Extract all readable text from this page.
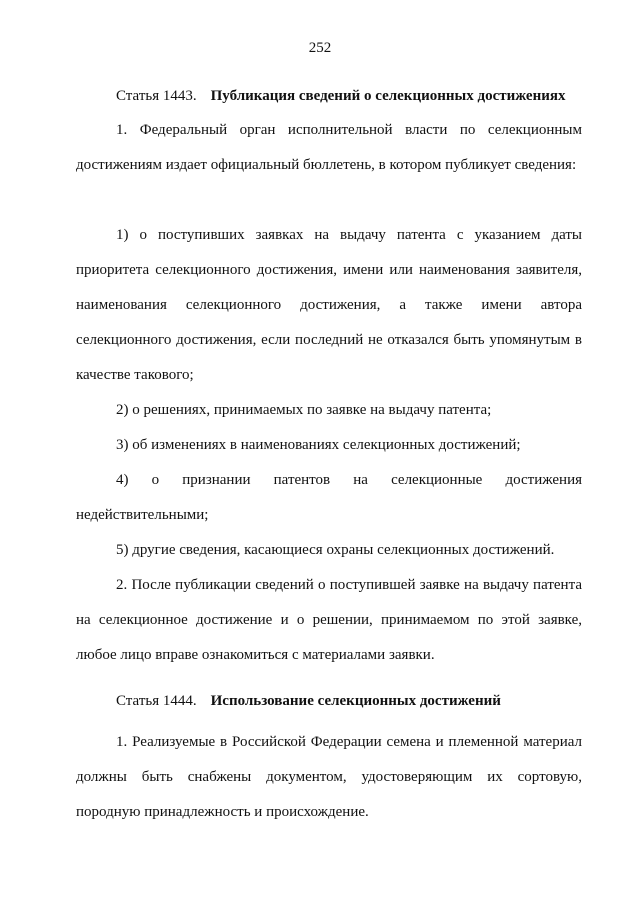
252
Статья 1443. Публикация сведений о селекционных достижениях

1. Федеральный орган исполнительной власти по селекционным достижениям издает официальный бюллетень, в котором публикует сведения:

1) о поступивших заявках на выдачу патента с указанием даты приоритета селекционного достижения, имени или наименования заявителя, наименования селекционного достижения, а также имени автора селекционного достижения, если последний не отказался быть упомянутым в качестве такового;

2) о решениях, принимаемых по заявке на выдачу патента;

3) об изменениях в наименованиях селекционных достижений;

4) о признании патентов на селекционные достижения недействительными;

5) другие сведения, касающиеся охраны селекционных достижений.

2. После публикации сведений о поступившей заявке на выдачу патента на селекционное достижение и о решении, принимаемом по этой заявке, любое лицо вправе ознакомиться с материалами заявки.

Статья 1444. Использование селекционных достижений

1. Реализуемые в Российской Федерации семена и племенной материал должны быть снабжены документом, удостоверяющим их сортовую, породную принадлежность и происхождение.
